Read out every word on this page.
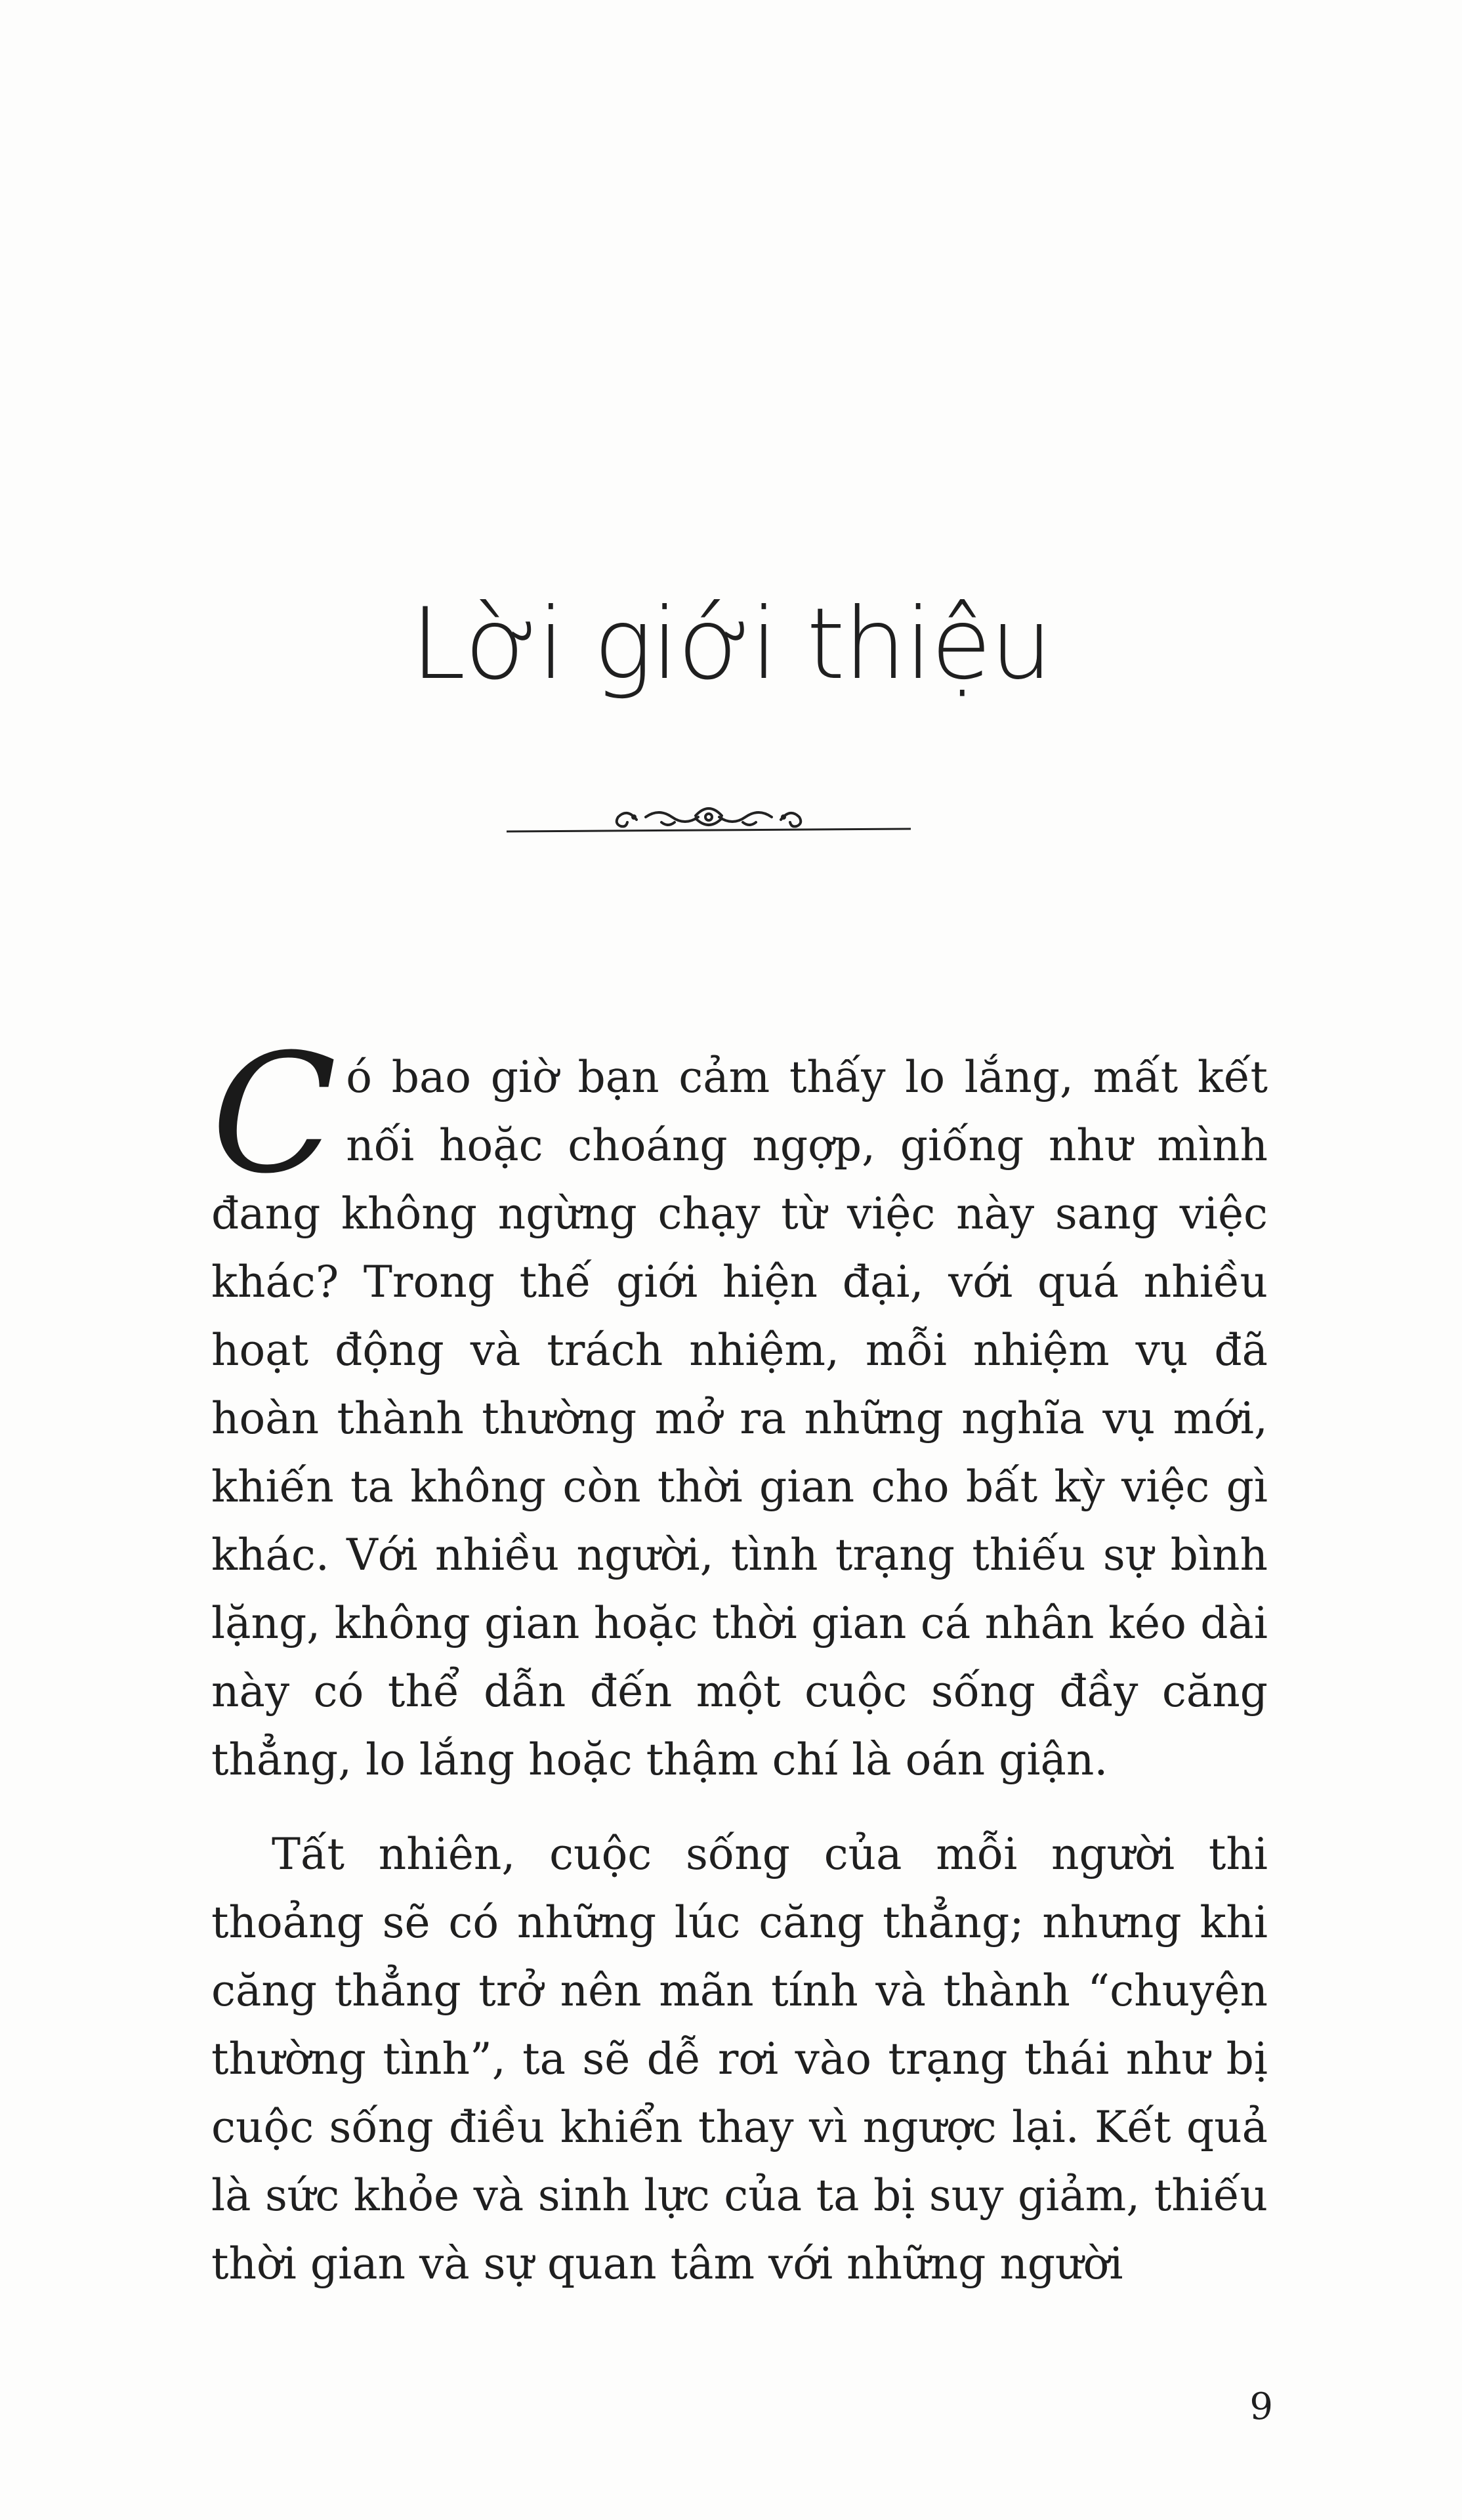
Lời giới thiệu

Có bao giờ bạn cảm thấy lo lắng, mất kết nối hoặc choáng ngợp, giống như mình đang không ngừng chạy từ việc này sang việc khác? Trong thế giới hiện đại, với quá nhiều hoạt động và trách nhiệm, mỗi nhiệm vụ đã hoàn thành thường mở ra những nghĩa vụ mới, khiến ta không còn thời gian cho bất kỳ việc gì khác. Với nhiều người, tình trạng thiếu sự bình lặng, không gian hoặc thời gian cá nhân kéo dài này có thể dẫn đến một cuộc sống đầy căng thẳng, lo lắng hoặc thậm chí là oán giận.

Tất nhiên, cuộc sống của mỗi người thi thoảng sẽ có những lúc căng thẳng; nhưng khi căng thẳng trở nên mãn tính và thành “chuyện thường tình”, ta sẽ dễ rơi vào trạng thái như bị cuộc sống điều khiển thay vì ngược lại. Kết quả là sức khỏe và sinh lực của ta bị suy giảm, thiếu thời gian và sự quan tâm với những người

9
